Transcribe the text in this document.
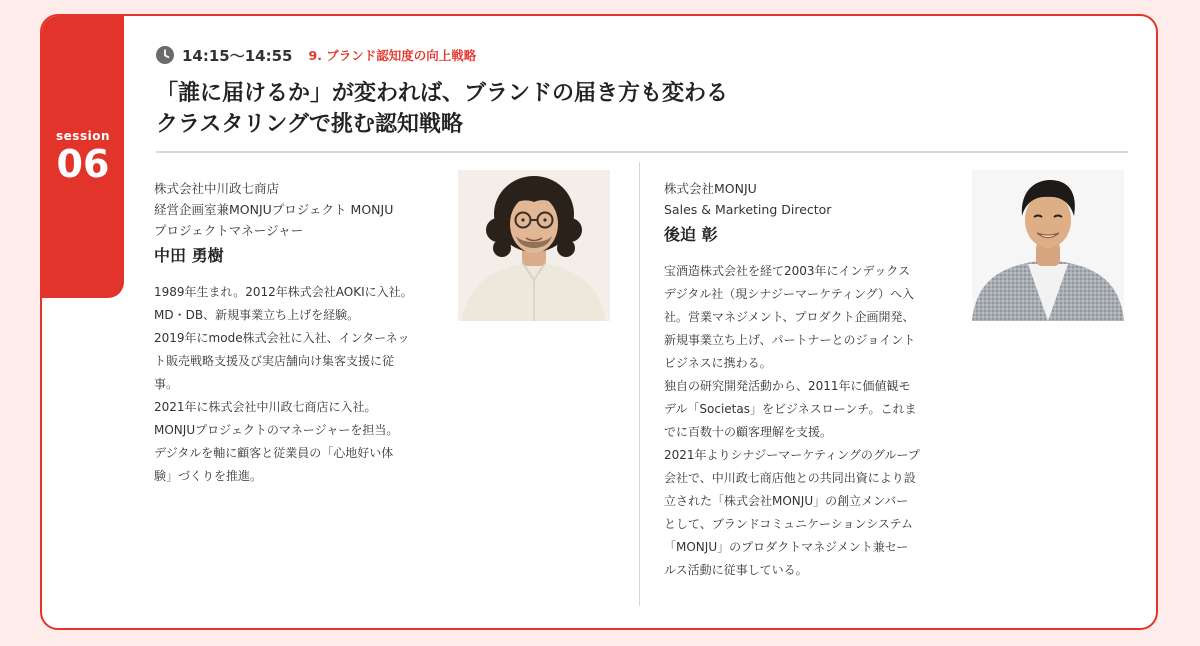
session
06
14:15〜14:55 9. ブランド認知度の向上戦略
「誰に届けるか」が変われば、ブランドの届き方も変わる
クラスタリングで挑む認知戦略
株式会社中川政七商店
経営企画室兼MONJUプロジェクト MONJU
プロジェクトマネージャー
中田 勇樹
1989年生まれ。2012年株式会社AOKIに入社。
MD・DB、新規事業立ち上げを経験。
2019年にmode株式会社に入社、インターネッ
ト販売戦略支援及び実店舗向け集客支援に従
事。
2021年に株式会社中川政七商店に入社。
MONJUプロジェクトのマネージャーを担当。
デジタルを軸に顧客と従業員の「心地好い体
験」づくりを推進。
株式会社MONJU
Sales & Marketing Director
後迫 彰
宝酒造株式会社を経て2003年にインデックス
デジタル社（現シナジーマーケティング）へ入
社。営業マネジメント、プロダクト企画開発、
新規事業立ち上げ、パートナーとのジョイント
ビジネスに携わる。
独自の研究開発活動から、2011年に価値観モ
デル「Societas」をビジネスローンチ。これま
でに百数十の顧客理解を支援。
2021年よりシナジーマーケティングのグループ
会社で、中川政七商店他との共同出資により設
立された「株式会社MONJU」の創立メンバー
として、ブランドコミュニケーションシステム
「MONJU」のプロダクトマネジメント兼セー
ルス活動に従事している。
